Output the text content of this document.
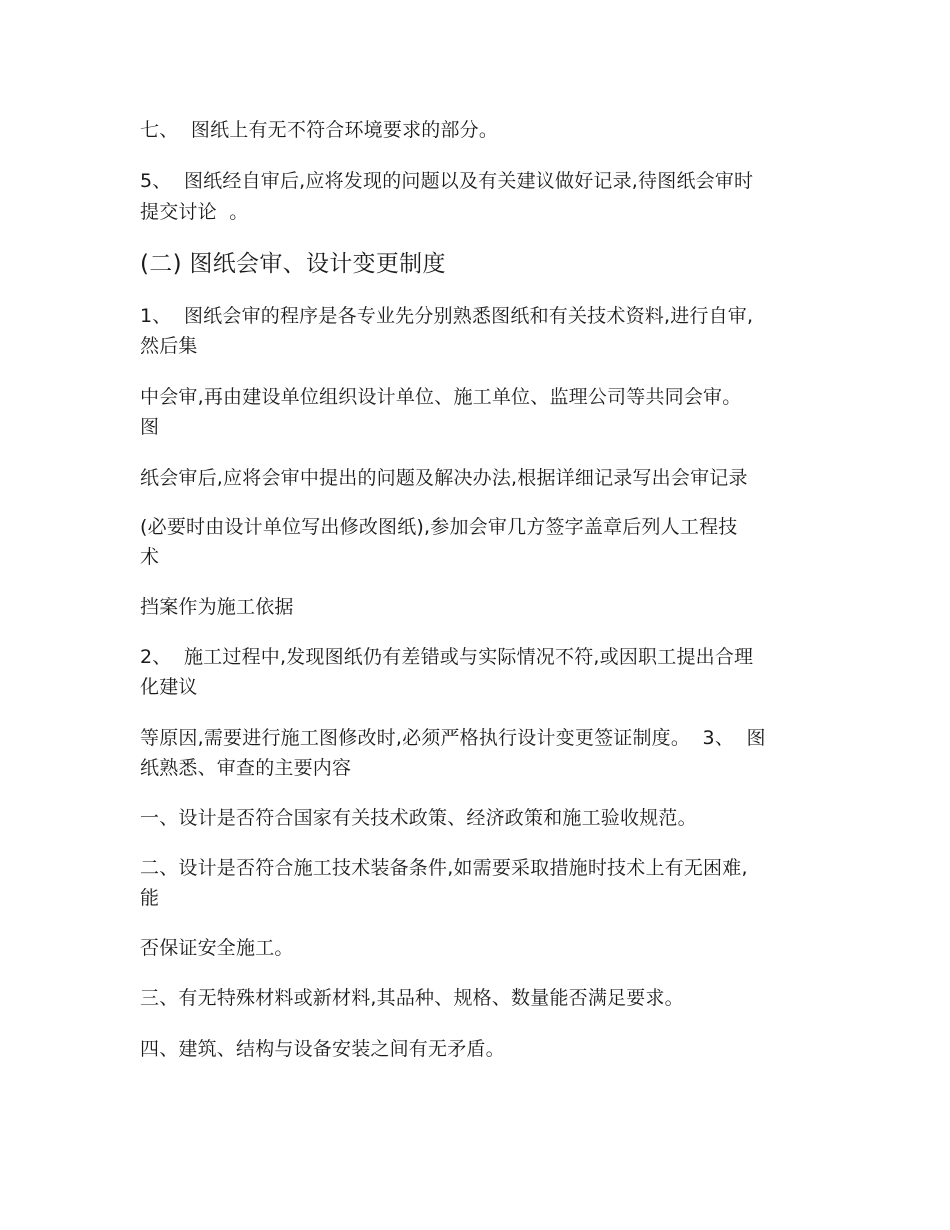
七、  图纸上有无不符合环境要求的部分。
5、  图纸经自审后,应将发现的问题以及有关建议做好记录,待图纸会审时
提交讨论  。
(二) 图纸会审、设计变更制度
1、  图纸会审的程序是各专业先分别熟悉图纸和有关技术资料,进行自审,
然后集
中会审,再由建设单位组织设计单位、施工单位、监理公司等共同会审。
图
纸会审后,应将会审中提出的问题及解决办法,根据详细记录写出会审记录
(必要时由设计单位写出修改图纸),参加会审几方签字盖章后列人工程技
术
挡案作为施工依据
2、  施工过程中,发现图纸仍有差错或与实际情况不符,或因职工提出合理
化建议
等原因,需要进行施工图修改时,必须严格执行设计变更签证制度。  3、  图
纸熟悉、审查的主要内容
一、设计是否符合国家有关技术政策、经济政策和施工验收规范。
二、设计是否符合施工技术装备条件,如需要采取措施时技术上有无困难,
能
否保证安全施工。
三、有无特殊材料或新材料,其品种、规格、数量能否满足要求。
四、建筑、结构与设备安装之间有无矛盾。
